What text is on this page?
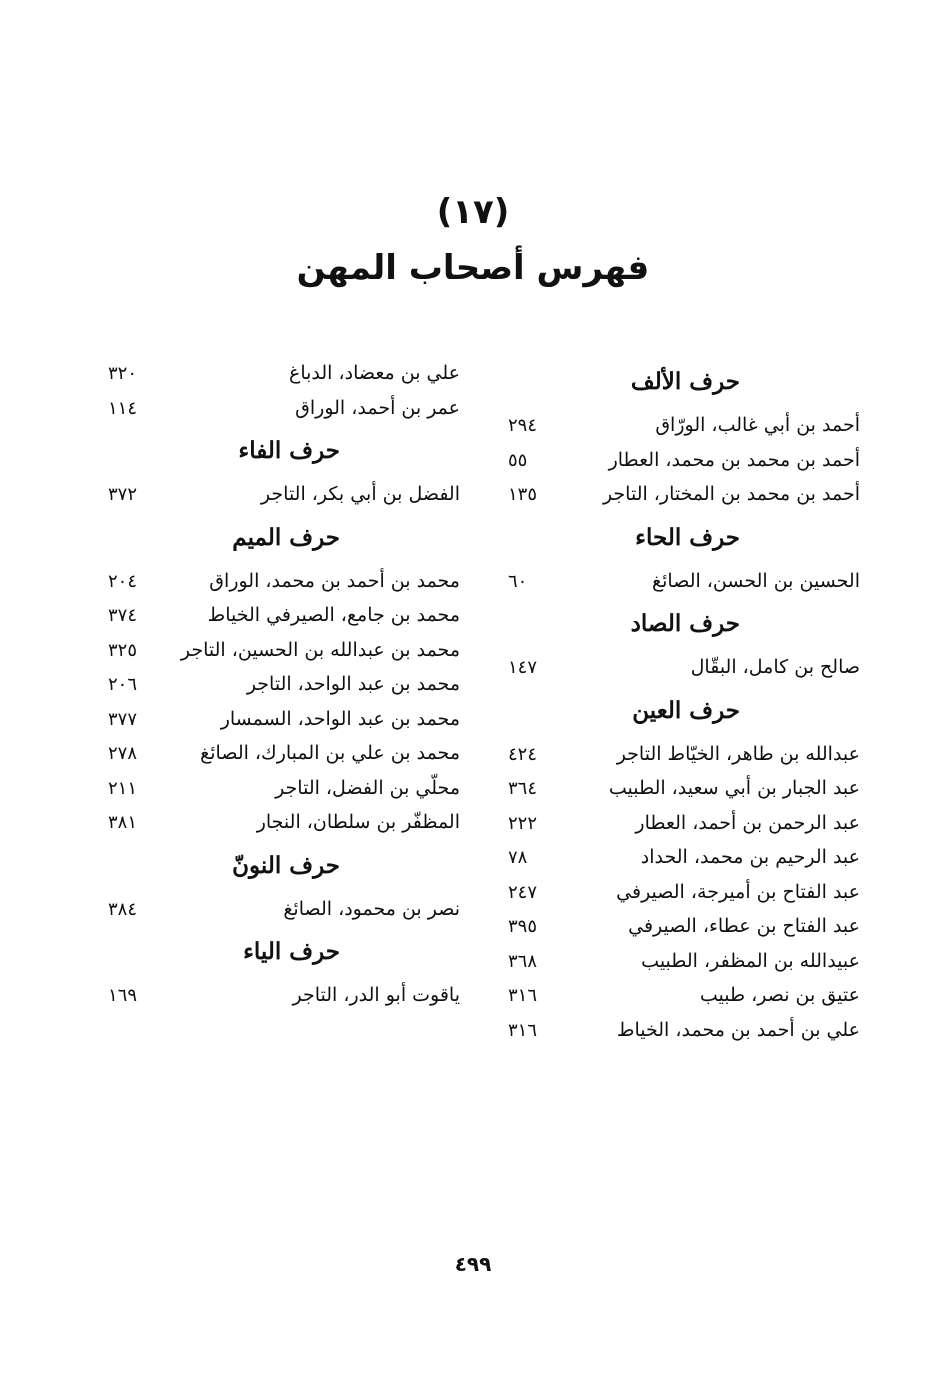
(١٧)
فهرس أصحاب المهن
حرف الألف
أحمد بن أبي غالب، الورّاق
٢٩٤
أحمد بن محمد بن محمد، العطار
٥٥
أحمد بن محمد بن المختار، التاجر
١٣٥
حرف الحاء
الحسين بن الحسن، الصائغ
٦٠
حرف الصاد
صالح بن كامل، البقّال
١٤٧
حرف العين
عبدالله بن طاهر، الخيّاط التاجر
٤٢٤
عبد الجبار بن أبي سعيد، الطبيب
٣٦٤
عبد الرحمن بن أحمد، العطار
٢٢٢
عبد الرحيم بن محمد، الحداد
٧٨
عبد الفتاح بن أميرجة، الصيرفي
٢٤٧
عبد الفتاح بن عطاء، الصيرفي
٣٩٥
عبيدالله بن المظفر، الطبيب
٣٦٨
عتيق بن نصر، طبيب
٣١٦
علي بن أحمد بن محمد، الخياط
٣١٦
علي بن معضاد، الدباغ
٣٢٠
عمر بن أحمد، الوراق
١١٤
حرف الفاء
الفضل بن أبي بكر، التاجر
٣٧٢
حرف الميم
محمد بن أحمد بن محمد، الوراق
٢٠٤
محمد بن جامع، الصيرفي الخياط
٣٧٤
محمد بن عبدالله بن الحسين، التاجر
٣٢٥
محمد بن عبد الواحد، التاجر
٢٠٦
محمد بن عبد الواحد، السمسار
٣٧٧
محمد بن علي بن المبارك، الصائغ
٢٧٨
محلّي بن الفضل، التاجر
٢١١
المظفّر بن سلطان، النجار
٣٨١
حرف النونّ
نصر بن محمود، الصائغ
٣٨٤
حرف الياء
ياقوت أبو الدر، التاجر
١٦٩
٤٩٩
